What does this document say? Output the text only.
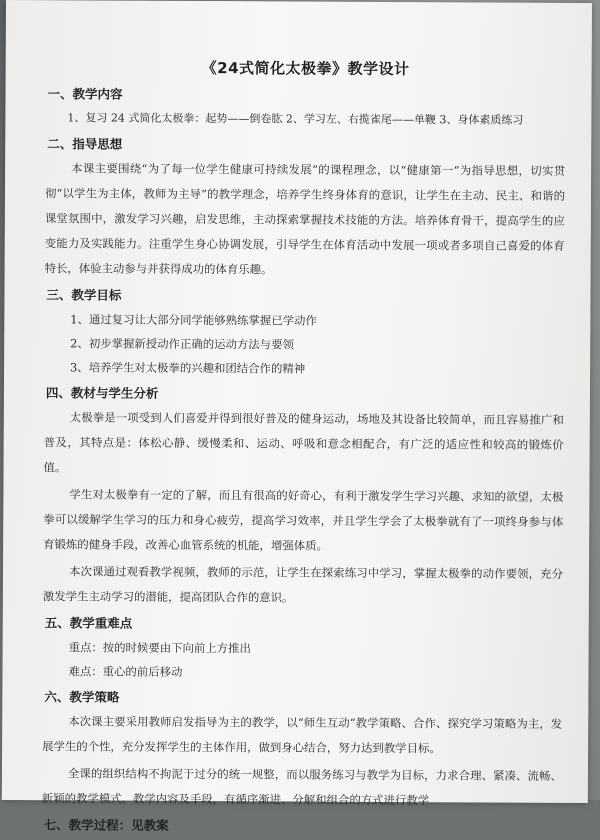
《24式简化太极拳》教学设计
一、教学内容
1、复习 24 式简化太极拳：起势——倒卷肱 2、学习左、右揽雀尾——单鞭 3、身体素质练习
二、指导思想
本课主要围绕“为了每一位学生健康可持续发展”的课程理念，以“健康第一”为指导思想，切实贯彻“以学生为主体，教师为主导”的教学理念，培养学生终身体育的意识，让学生在主动、民主、和谐的课堂氛围中，激发学习兴趣，启发思维，主动探索掌握技术技能的方法。培养体育骨干，提高学生的应变能力及实践能力。注重学生身心协调发展，引导学生在体育活动中发展一项或者多项自己喜爱的体育特长，体验主动参与并获得成功的体育乐趣。
三、教学目标
1、通过复习让大部分同学能够熟练掌握已学动作
2、初步掌握新授动作正确的运动方法与要领
3、培养学生对太极拳的兴趣和团结合作的精神
四、教材与学生分析
太极拳是一项受到人们喜爱并得到很好普及的健身运动，场地及其设备比较简单，而且容易推广和普及，其特点是：体松心静、缓慢柔和、运动、呼吸和意念相配合，有广泛的适应性和较高的锻炼价值。
学生对太极拳有一定的了解，而且有很高的好奇心，有利于激发学生学习兴趣、求知的欲望，太极拳可以缓解学生学习的压力和身心疲劳，提高学习效率，并且学生学会了太极拳就有了一项终身参与体育锻炼的健身手段，改善心血管系统的机能，增强体质。
本次课通过观看教学视频，教师的示范，让学生在探索练习中学习，掌握太极拳的动作要领，充分激发学生主动学习的潜能，提高团队合作的意识。
五、教学重难点
重点：按的时候要由下向前上方推出
难点：重心的前后移动
六、教学策略
本次课主要采用教师启发指导为主的教学，以“师生互动”教学策略、合作、探究学习策略为主，发展学生的个性，充分发挥学生的主体作用，做到身心结合，努力达到教学目标。
全课的组织结构不拘泥于过分的统一规整，而以服务练习与教学为目标，力求合理、紧凑、流畅、新颖的教学模式。教学内容及手段，有循序渐进、分解和组合的方式进行教学
七、教学过程：见教案
